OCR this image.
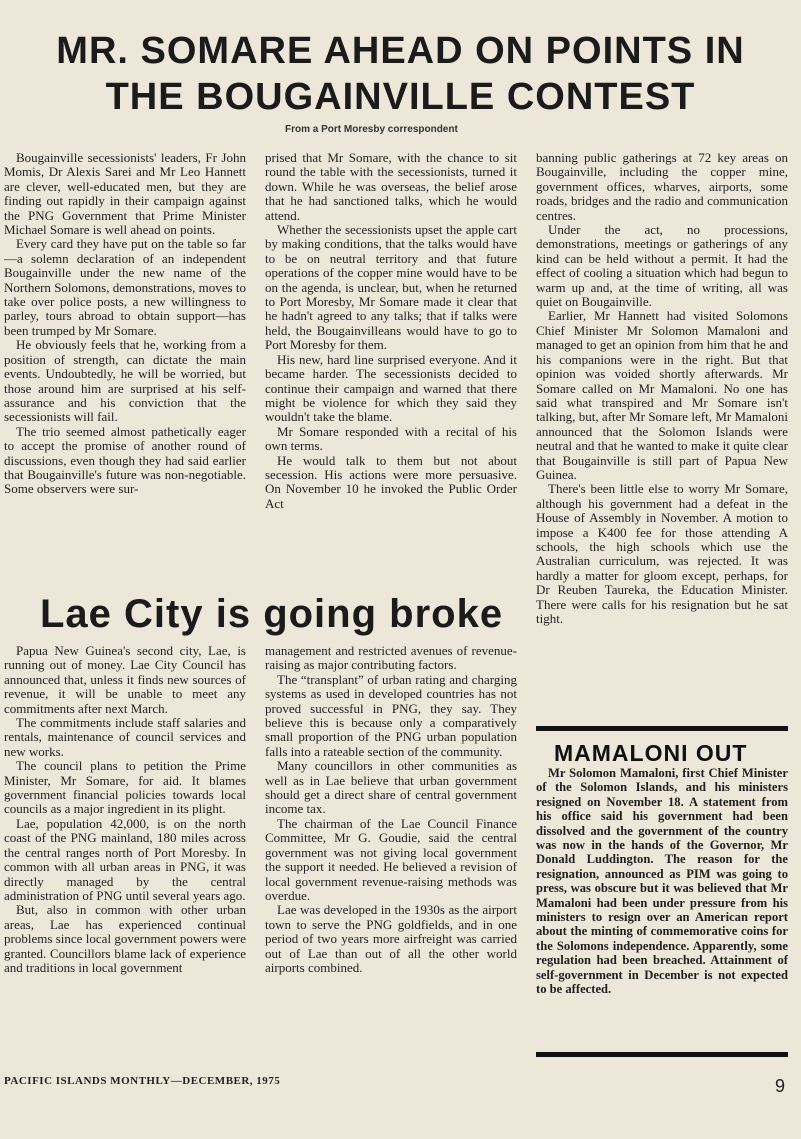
MR. SOMARE AHEAD ON POINTS IN
THE BOUGAINVILLE CONTEST
From a Port Moresby correspondent

Bougainville secessionists' leaders, Fr John Momis, Dr Alexis Sarei and Mr Leo Hannett are clever, well-educated men, but they are finding out rapidly in their campaign against the PNG Government that Prime Minister Michael Somare is well ahead on points.

Every card they have put on the table so far—a solemn declaration of an independent Bougainville under the new name of the Northern Solomons, demonstrations, moves to take over police posts, a new willingness to parley, tours abroad to obtain support—has been trumped by Mr Somare.

He obviously feels that he, working from a position of strength, can dictate the main events. Undoubtedly, he will be worried, but those around him are surprised at his self-assurance and his conviction that the secessionists will fail.

The trio seemed almost pathetically eager to accept the promise of another round of discussions, even though they had said earlier that Bougainville's future was non-negotiable. Some observers were sur-

prised that Mr Somare, with the chance to sit round the table with the secessionists, turned it down. While he was overseas, the belief arose that he had sanctioned talks, which he would attend.

Whether the secessionists upset the apple cart by making conditions, that the talks would have to be on neutral territory and that future operations of the copper mine would have to be on the agenda, is unclear, but, when he returned to Port Moresby, Mr Somare made it clear that he hadn't agreed to any talks; that if talks were held, the Bougainvilleans would have to go to Port Moresby for them.

His new, hard line surprised everyone. And it became harder. The secessionists decided to continue their campaign and warned that there might be violence for which they said they wouldn't take the blame.

Mr Somare responded with a recital of his own terms.

He would talk to them but not about secession. His actions were more persuasive. On November 10 he invoked the Public Order Act

banning public gatherings at 72 key areas on Bougainville, including the copper mine, government offices, wharves, airports, some roads, bridges and the radio and communication centres.

Under the act, no processions, demonstrations, meetings or gatherings of any kind can be held without a permit. It had the effect of cooling a situation which had begun to warm up and, at the time of writing, all was quiet on Bougainville.

Earlier, Mr Hannett had visited Solomons Chief Minister Mr Solomon Mamaloni and managed to get an opinion from him that he and his companions were in the right. But that opinion was voided shortly afterwards. Mr Somare called on Mr Mamaloni. No one has said what transpired and Mr Somare isn't talking, but, after Mr Somare left, Mr Mamaloni announced that the Solomon Islands were neutral and that he wanted to make it quite clear that Bougainville is still part of Papua New Guinea.

There's been little else to worry Mr Somare, although his government had a defeat in the House of Assembly in November. A motion to impose a K400 fee for those attending A schools, the high schools which use the Australian curriculum, was rejected. It was hardly a matter for gloom except, perhaps, for Dr Reuben Taureka, the Education Minister. There were calls for his resignation but he sat tight.

Lae City is going broke

Papua New Guinea's second city, Lae, is running out of money. Lae City Council has announced that, unless it finds new sources of revenue, it will be unable to meet any commitments after next March.

The commitments include staff salaries and rentals, maintenance of council services and new works.

The council plans to petition the Prime Minister, Mr Somare, for aid. It blames government financial policies towards local councils as a major ingredient in its plight.

Lae, population 42,000, is on the north coast of the PNG mainland, 180 miles across the central ranges north of Port Moresby. In common with all urban areas in PNG, it was directly managed by the central administration of PNG until several years ago.

But, also in common with other urban areas, Lae has experienced continual problems since local government powers were granted. Councillors blame lack of experience and traditions in local government

management and restricted avenues of revenue-raising as major contributing factors.

The “transplant” of urban rating and charging systems as used in developed countries has not proved successful in PNG, they say. They believe this is because only a comparatively small proportion of the PNG urban population falls into a rateable section of the community.

Many councillors in other communities as well as in Lae believe that urban government should get a direct share of central government income tax.

The chairman of the Lae Council Finance Committee, Mr G. Goudie, said the central government was not giving local government the support it needed. He believed a revision of local government revenue-raising methods was overdue.

Lae was developed in the 1930s as the airport town to serve the PNG goldfields, and in one period of two years more airfreight was carried out of Lae than out of all the other world airports combined.

MAMALONI OUT

Mr Solomon Mamaloni, first Chief Minister of the Solomon Islands, and his ministers resigned on November 18. A statement from his office said his government had been dissolved and the government of the country was now in the hands of the Governor, Mr Donald Luddington. The reason for the resignation, announced as PIM was going to press, was obscure but it was believed that Mr Mamaloni had been under pressure from his ministers to resign over an American report about the minting of commemorative coins for the Solomons independence. Apparently, some regulation had been breached. Attainment of self-government in December is not expected to be affected.

PACIFIC ISLANDS MONTHLY—DECEMBER, 1975	9
